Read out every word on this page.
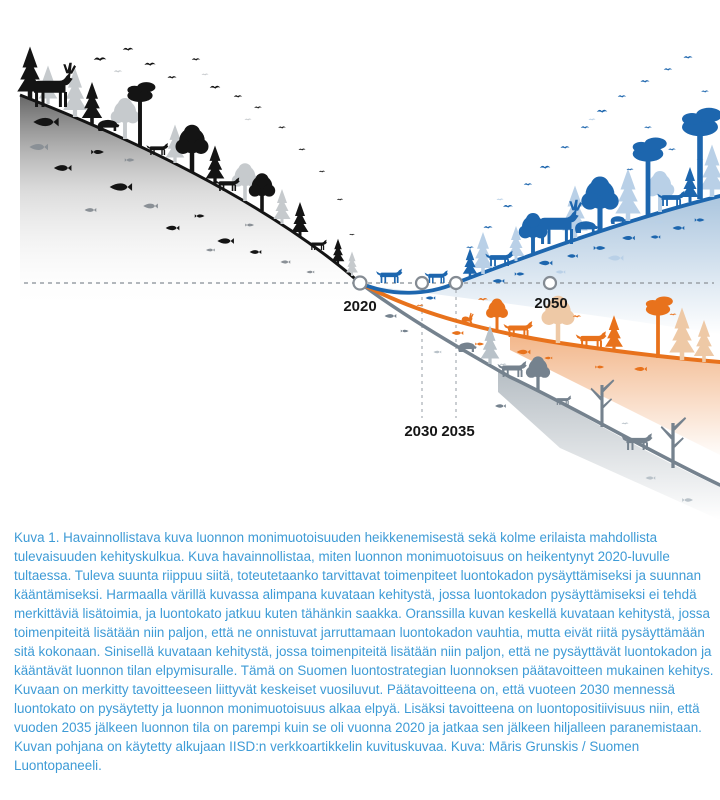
2020
2030 2035
2050

Kuva 1. Havainnollistava kuva luonnon monimuotoisuuden heikkenemisestä sekä kolme erilaista mahdollista

tulevaisuuden kehityskulkua. Kuva havainnollistaa, miten luonnon monimuotoisuus on heikentynyt 2020-luvulle

tultaessa. Tuleva suunta riippuu siitä, toteutetaanko tarvittavat toimenpiteet luontokadon pysäyttämiseksi ja suunnan

kääntämiseksi. Harmaalla värillä kuvassa alimpana kuvataan kehitystä, jossa luontokadon pysäyttämiseksi ei tehdä

merkittäviä lisätoimia, ja luontokato jatkuu kuten tähänkin saakka. Oranssilla kuvan keskellä kuvataan kehitystä, jossa

toimenpiteitä lisätään niin paljon, että ne onnistuvat jarruttamaan luontokadon vauhtia, mutta eivät riitä pysäyttämään

sitä kokonaan. Sinisellä kuvataan kehitystä, jossa toimenpiteitä lisätään niin paljon, että ne pysäyttävät luontokadon ja

kääntävät luonnon tilan elpymisuralle. Tämä on Suomen luontostrategian luonnoksen päätavoitteen mukainen kehitys.

Kuvaan on merkitty tavoitteeseen liittyvät keskeiset vuosiluvut. Päätavoitteena on, että vuoteen 2030 mennessä

luontokato on pysäytetty ja luonnon monimuotoisuus alkaa elpyä. Lisäksi tavoitteena on luontopositiivisuus niin, että

vuoden 2035 jälkeen luonnon tila on parempi kuin se oli vuonna 2020 ja jatkaa sen jälkeen hiljalleen paranemistaan.

Kuvan pohjana on käytetty alkujaan IISD:n verkkoartikkelin kuvituskuvaa. Kuva: Māris Grunskis / Suomen

Luontopaneeli.
